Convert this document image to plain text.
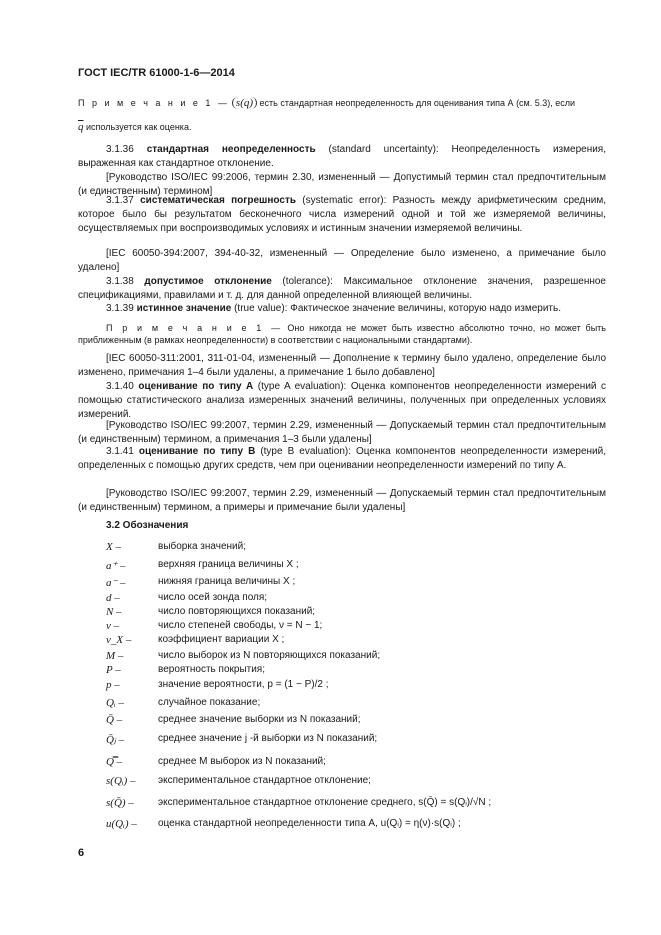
ГОСТ IEC/TR 61000-1-6—2014
П р и м е ч а н и е 1 — s(q) есть стандартная неопределенность для оценивания типа А (см. 5.3), если
$\overline{q}$ используется как оценка.
3.1.36 стандартная неопределенность (standard uncertainty): Неопределенность измерения, выраженная как стандартное отклонение.
[Руководство ISO/IEC 99:2006, термин 2.30, измененный — Допустимый термин стал предпочтительным (и единственным) термином]
3.1.37 систематическая погрешность (systematic error): Разность между арифметическим средним, которое было бы результатом бесконечного числа измерений одной и той же измеряемой величины, осуществляемых при воспроизводимых условиях и истинным значении измеряемой величины.
[IEC 60050-394:2007, 394-40-32, измененный — Определение было изменено, а примечание было удалено]
3.1.38 допустимое отклонение (tolerance): Максимальное отклонение значения, разрешенное спецификациями, правилами и т. д. для данной определенной влияющей величины.
3.1.39 истинное значение (true value): Фактическое значение величины, которую надо измерить.
П р и м е ч а н и е 1 — Оно никогда не может быть известно абсолютно точно, но может быть приближенным (в рамках неопределенности) в соответствии с национальными стандартами).
[IEC 60050-311:2001, 311-01-04, измененный — Дополнение к термину было удалено, определение было изменено, примечания 1–4 были удалены, а примечание 1 было добавлено]
3.1.40 оценивание по типу А (type A evaluation): Оценка компонентов неопределенности измерений с помощью статистического анализа измеренных значений величины, полученных при определенных условиях измерений.
[Руководство ISO/IEC 99:2007, термин 2.29, измененный — Допускаемый термин стал предпочтительным (и единственным) термином, а примечания 1–3 были удалены]
3.1.41 оценивание по типу В (type B evaluation): Оценка компонентов неопределенности измерений, определенных с помощью других средств, чем при оценивании неопределенности измерений по типу А.
[Руководство ISO/IEC 99:2007, термин 2.29, измененный — Допускаемый термин стал предпочтительным (и единственным) термином, а примеры и примечание были удалены]
3.2 Обозначения
X –	выборка значений;
a⁺ –	верхняя граница величины X ;
a⁻ –	нижняя граница величины X ;
d –	число осей зонда поля;
N –	число повторяющихся показаний;
ν –	число степеней свободы, ν = N − 1;
v_X –	коэффициент вариации X ;
M –	число выборок из N повторяющихся показаний;
P –	вероятность покрытия;
p –	значение вероятности, p = (1 − P)/2 ;
Qᵢ –	случайное показание;
Q̄ –	среднее значение выборки из N показаний;
Q̄ⱼ –	среднее значение j -й выборки из N показаний;
Q̿ –	среднее M выборок из N показаний;
s(Qᵢ) –	экспериментальное стандартное отклонение;
s(Q̄) –	экспериментальное стандартное отклонение среднего, s(Q̄) = s(Qᵢ)/√N ;
u(Qᵢ) –	оценка стандартной неопределенности типа А, u(Qᵢ) = η(ν)·s(Qᵢ) ;
6
